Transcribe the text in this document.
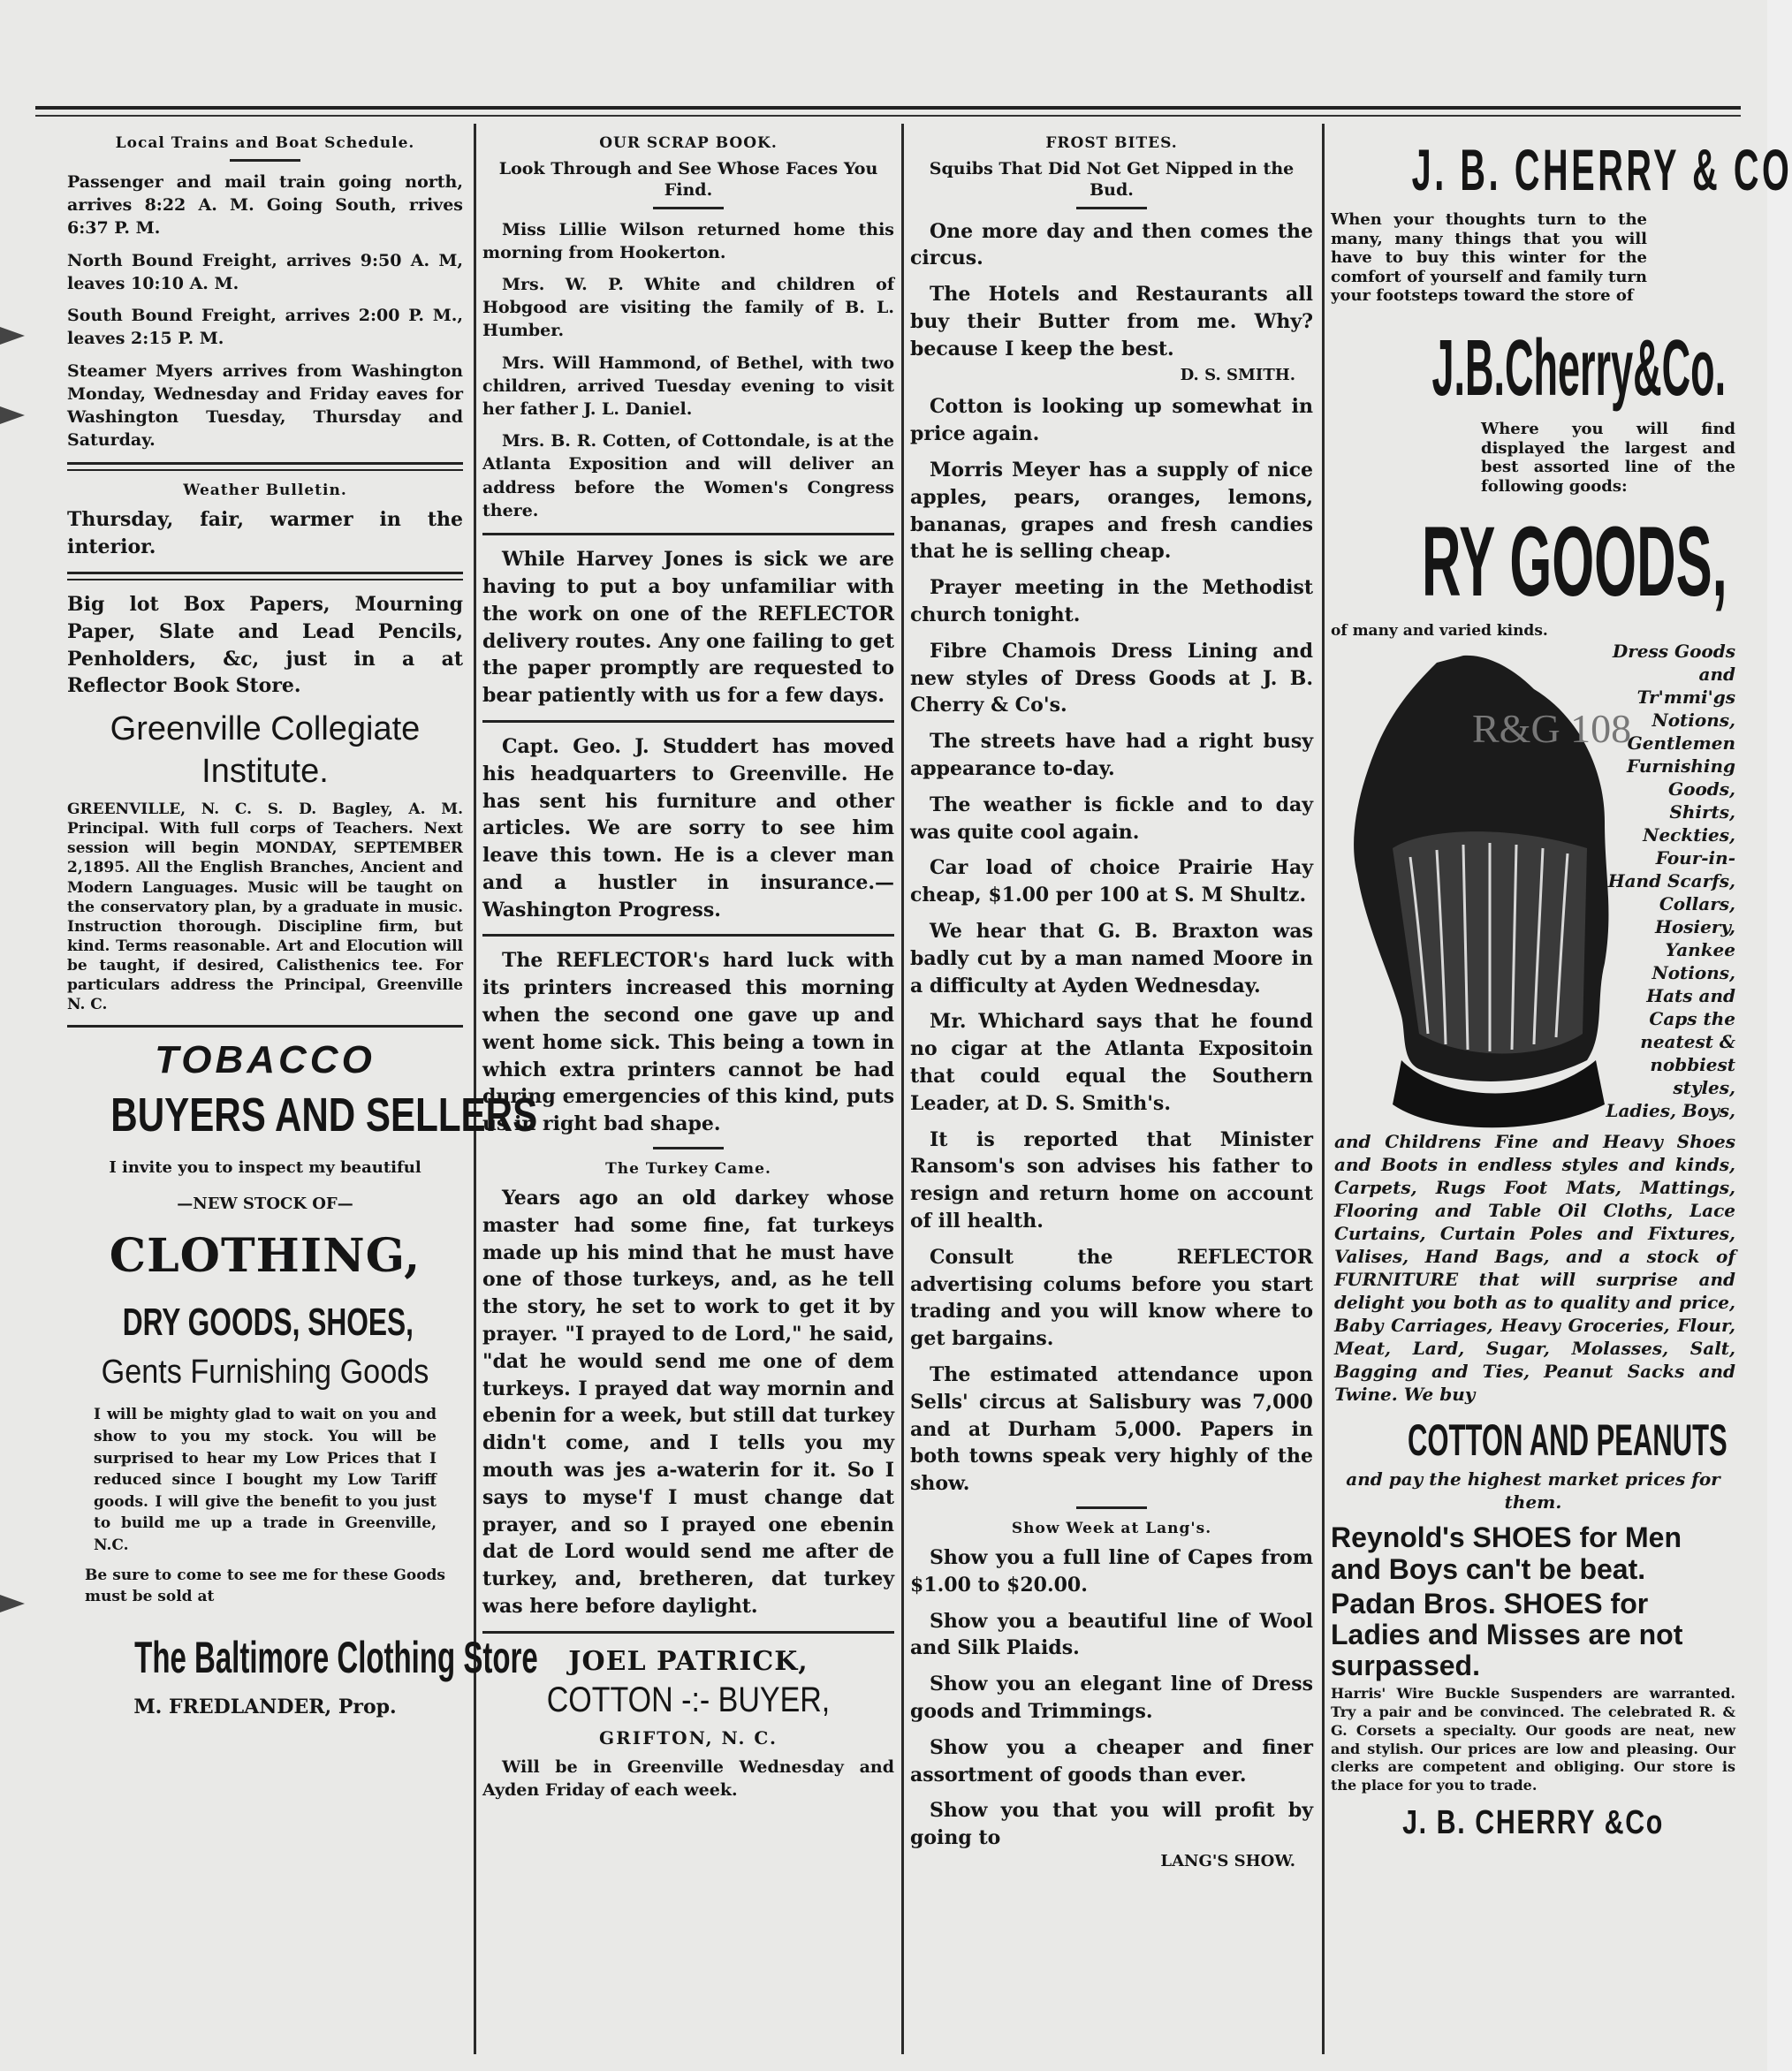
Local Trains and Boat Schedule.

Passenger and mail train going north, arrives 8:22 A. M. Going South, rrives 6:37 P. M.

North Bound Freight, arrives 9:50 A. M, leaves 10:10 A. M.

South Bound Freight, arrives 2:00 P. M., leaves 2:15 P. M.

Steamer Myers arrives from Washington Monday, Wednesday and Friday eaves for Washington Tuesday, Thursday and Saturday.

Weather Bulletin.

Thursday, fair, warmer in the interior.

Big lot Box Papers, Mourning Paper, Slate and Lead Pencils, Penholders, &c, just in a at Reflector Book Store.

Greenville Collegiate Institute.

GREENVILLE, N. C. S. D. Bagley, A. M. Principal. With full corps of Teachers. Next session will begin MONDAY, SEPTEMBER 2,1895. All the English Branches, Ancient and Modern Languages. Music will be taught on the conservatory plan, by a graduate in music. Instruction thorough. Discipline firm, but kind. Terms reasonable. Art and Elocution will be taught, if desired, Calisthenics tee. For particulars address the Principal, Greenville N. C.

TOBACCO
BUYERS AND SELLERS
I invite you to inspect my beautiful
—NEW STOCK OF—
CLOTHING,
DRY GOODS, SHOES,
Gents Furnishing Goods

I will be mighty glad to wait on you and show to you my stock. You will be surprised to hear my Low Prices that I reduced since I bought my Low Tariff goods. I will give the benefit to you just to build me up a trade in Greenville, N.C.

Be sure to come to see me for these Goods must be sold at

The Baltimore Clothing Store
M. FREDLANDER, Prop.
OUR SCRAP BOOK.
Look Through and See Whose Faces You Find.

Miss Lillie Wilson returned home this morning from Hookerton.

Mrs. W. P. White and children of Hobgood are visiting the family of B. L. Humber.

Mrs. Will Hammond, of Bethel, with two children, arrived Tuesday evening to visit her father J. L. Daniel.

Mrs. B. R. Cotten, of Cottondale, is at the Atlanta Exposition and will deliver an address before the Women's Congress there.

While Harvey Jones is sick we are having to put a boy unfamiliar with the work on one of the REFLECTOR delivery routes. Any one failing to get the paper promptly are requested to bear patiently with us for a few days.

Capt. Geo. J. Studdert has moved his headquarters to Greenville. He has sent his furniture and other articles. We are sorry to see him leave this town. He is a clever man and a hustler in insurance.—Washington Progress.

The REFLECTOR's hard luck with its printers increased this morning when the second one gave up and went home sick. This being a town in which extra printers cannot be had during emergencies of this kind, puts us in right bad shape.

The Turkey Came.

Years ago an old darkey whose master had some fine, fat turkeys made up his mind that he must have one of those turkeys, and, as he tell the story, he set to work to get it by prayer. "I prayed to de Lord," he said, "dat he would send me one of dem turkeys. I prayed dat way mornin and ebenin for a week, but still dat turkey didn't come, and I tells you my mouth was jes a-waterin for it. So I says to myse'f I must change dat prayer, and so I prayed one ebenin dat de Lord would send me after de turkey, and, bretheren, dat turkey was here before daylight.

JOEL PATRICK,
COTTON -:- BUYER,
GRIFTON, N. C.

Will be in Greenville Wednesday and Ayden Friday of each week.

FROST BITES.
Squibs That Did Not Get Nipped in the Bud.

One more day and then comes the circus.

The Hotels and Restaurants all buy their Butter from me. Why? because I keep the best.

D. S. SMITH.

Cotton is looking up somewhat in price again.

Morris Meyer has a supply of nice apples, pears, oranges, lemons, bananas, grapes and fresh candies that he is selling cheap.

Prayer meeting in the Methodist church tonight.

Fibre Chamois Dress Lining and new styles of Dress Goods at J. B. Cherry & Co's.

The streets have had a right busy appearance to-day.

The weather is fickle and to day was quite cool again.

Car load of choice Prairie Hay cheap, $1.00 per 100 at S. M Shultz.

We hear that G. B. Braxton was badly cut by a man named Moore in a difficulty at Ayden Wednesday.

Mr. Whichard says that he found no cigar at the Atlanta Expositoin that could equal the Southern Leader, at D. S. Smith's.

It is reported that Minister Ransom's son advises his father to resign and return home on account of ill health.

Consult the REFLECTOR advertising colums before you start trading and you will know where to get bargains.

The estimated attendance upon Sells' circus at Salisbury was 7,000 and at Durham 5,000. Papers in both towns speak very highly of the show.

Show Week at Lang's.

Show you a full line of Capes from $1.00 to $20.00.

Show you a beautiful line of Wool and Silk Plaids.

Show you an elegant line of Dress goods and Trimmings.

Show you a cheaper and finer assortment of goods than ever.

Show you that you will profit by going to

LANG'S SHOW.
J. B. CHERRY & CO

When your thoughts turn to the many, many things that you will have to buy this winter for the comfort of yourself and family turn your footsteps toward the store of

J.B.Cherry&Co.

Where you will find displayed the largest and best assorted line of the following goods:

RY GOODS,
of many and varied kinds.
R&G 108
Dress Goods and Tr'mmi'gs Notions, Gentlemen Furnishing Goods, Shirts, Neckties, Four-in-Hand Scarfs, Collars, Hosiery, Yankee Notions, Hats and Caps the neatest & nobbiest styles, Ladies, Boys,

and Childrens Fine and Heavy Shoes and Boots in endless styles and kinds, Carpets, Rugs Foot Mats, Mattings, Flooring and Table Oil Cloths, Lace Curtains, Curtain Poles and Fixtures, Valises, Hand Bags, and a stock of FURNITURE that will surprise and delight you both as to quality and price, Baby Carriages, Heavy Groceries, Flour, Meat, Lard, Sugar, Molasses, Salt, Bagging and Ties, Peanut Sacks and Twine. We buy

COTTON AND PEANUTS

and pay the highest market prices for them.

Reynold's SHOES for Men and Boys can't be beat.
Padan Bros. SHOES for Ladies and Misses are not surpassed.

Harris' Wire Buckle Suspenders are warranted. Try a pair and be convinced. The celebrated R. & G. Corsets a specialty. Our goods are neat, new and stylish. Our prices are low and pleasing. Our clerks are competent and obliging. Our store is the place for you to trade.

J. B. CHERRY &Co
